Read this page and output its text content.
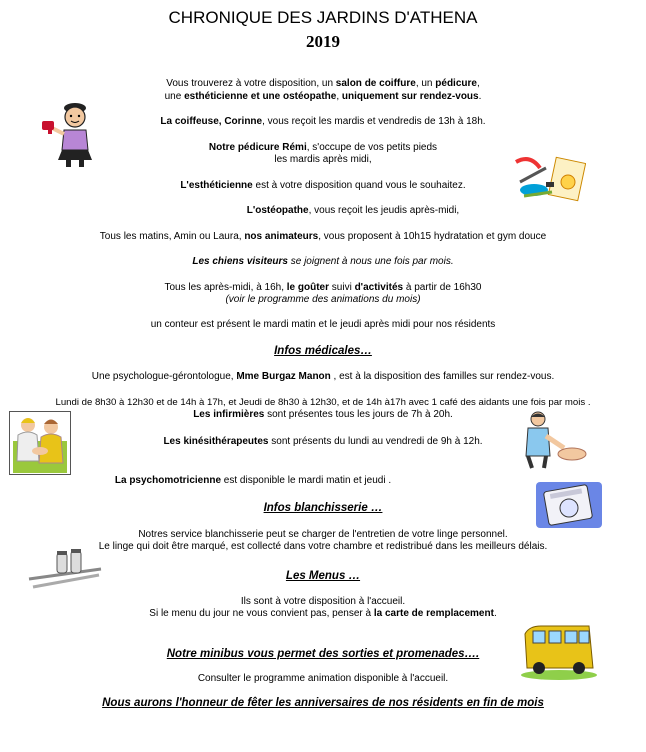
CHRONIQUE DES JARDINS D'ATHENA
2019
Vous trouverez à votre disposition, un salon de coiffure, un pédicure,
une esthéticienne et une ostéopathe, uniquement sur rendez-vous.
La coiffeuse, Corinne, vous reçoit les mardis et vendredis de 13h à 18h.
Notre pédicure Rémi, s'occupe de vos petits pieds
les mardis après midi,
L'esthéticienne est à votre disposition quand vous le souhaitez.
L'ostéopathe, vous reçoit les jeudis après-midi,
Tous les matins, Amin ou Laura, nos animateurs, vous proposent à 10h15 hydratation et gym douce
Les chiens visiteurs se joignent à nous une fois par mois.
Tous les après-midi, à 16h, le goûter suivi d'activités à partir de 16h30
(voir le programme des animations du mois)
un conteur est présent le mardi matin et le jeudi après midi pour nos résidents
Infos médicales…
Une psychologue-gérontologue, Mme Burgaz Manon , est à la disposition des familles sur rendez-vous.
Lundi de 8h30 à 12h30 et de 14h à 17h, et Jeudi de 8h30 à 12h30, et de 14h à17h avec 1 café des aidants une fois par mois .
Les infirmières sont présentes tous les jours de 7h à 20h.
Les kinésithérapeutes sont présents du lundi au vendredi de 9h à 12h.
La psychomotricienne est disponible le mardi matin et jeudi .
Infos blanchisserie …
Notres service blanchisserie peut se charger de l'entretien de votre linge personnel.
Le linge qui doit être marqué, est collecté dans votre chambre et redistribué dans les meilleurs délais.
Les Menus …
Ils sont à votre disposition à l'accueil.
Si le menu du jour ne vous convient pas, penser à la carte de remplacement.
Notre minibus vous permet des sorties et promenades….
Consulter le programme animation disponible à l'accueil.
Nous aurons l'honneur de fêter les anniversaires de nos résidents en fin de mois
